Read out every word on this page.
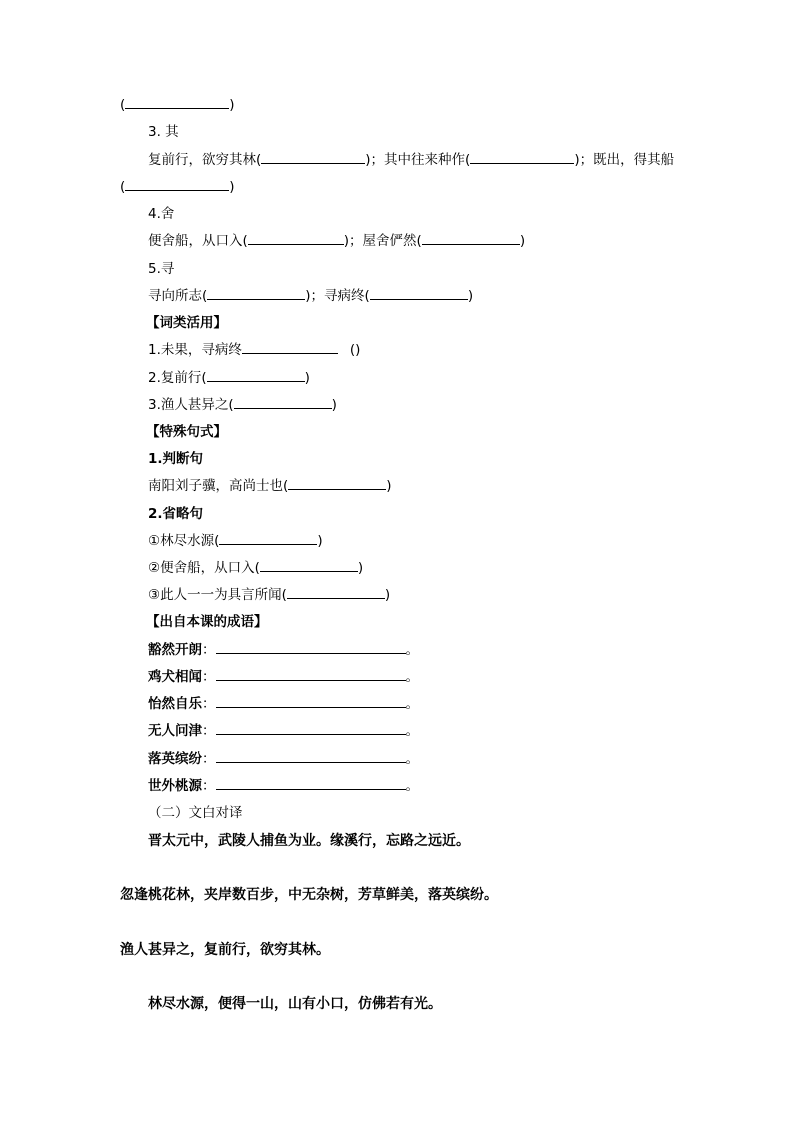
(	)
3. 其
复前行，欲穷其林(	)；其中往来种作(	)；既出，得其船
(	)
4.舍
便舍船，从口入(	)；屋舍俨然(	)
5.寻
寻向所志(	)；寻病终(	)
【词类活用】
1.未果，寻病终	()
2.复前行(	)
3.渔人甚异之(	)
【特殊句式】
1.判断句
南阳刘子骥，高尚士也(	)
2.省略句
①林尽水源(	)
②便舍船，从口入(	)
③此人一一为具言所闻(	)
【出自本课的成语】
豁然开朗：	。
鸡犬相闻：	。
怡然自乐：	。
无人问津：	。
落英缤纷：	。
世外桃源：	。
（二）文白对译
晋太元中，武陵人捕鱼为业。缘溪行，忘路之远近。
忽逢桃花林，夹岸数百步，中无杂树，芳草鲜美，落英缤纷。
渔人甚异之，复前行，欲穷其林。
林尽水源，便得一山，山有小口，仿佛若有光。
